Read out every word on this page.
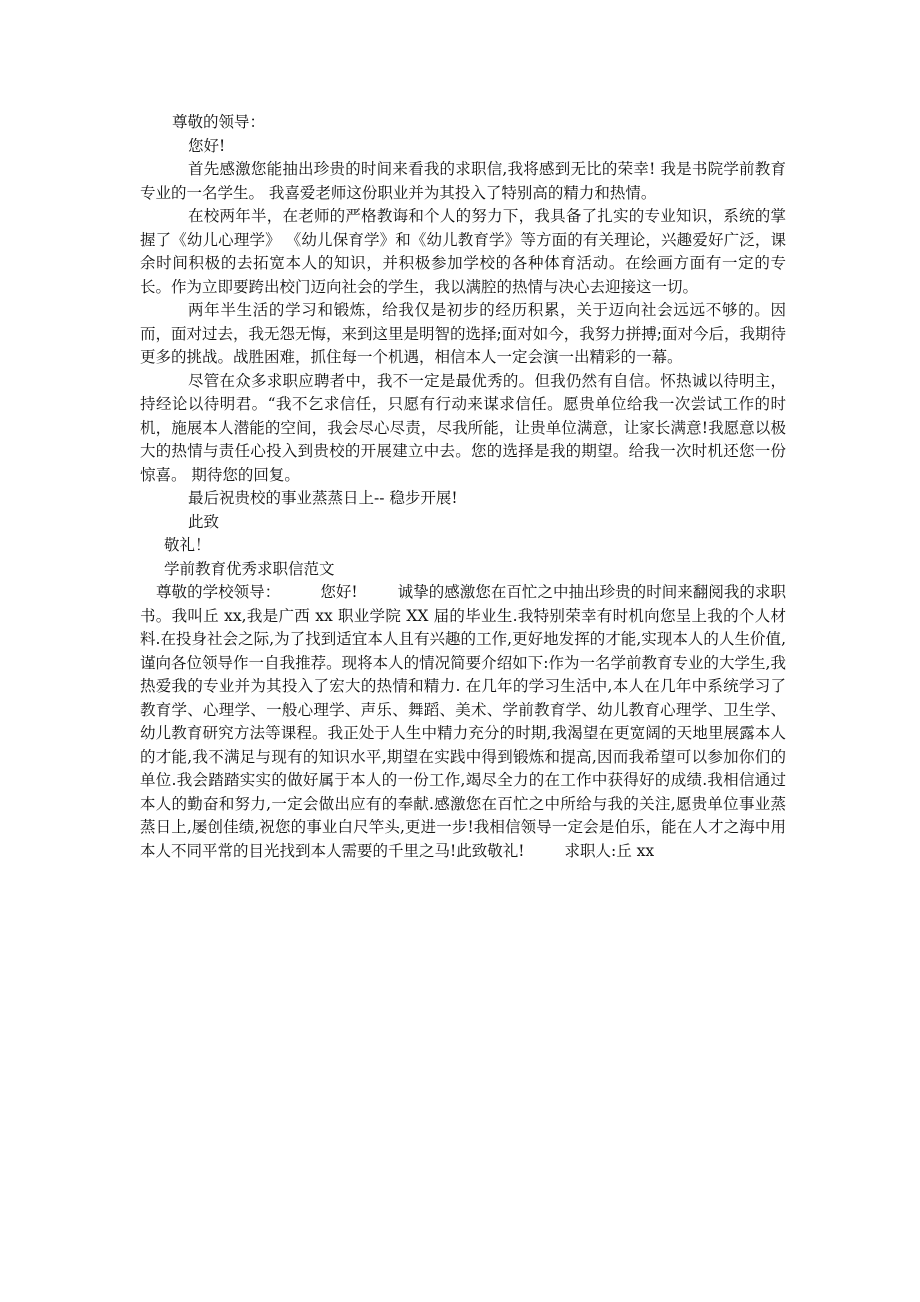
尊敬的领导：

您好!

首先感激您能抽出珍贵的时间来看我的求职信,我将感到无比的荣幸! 我是书院学前教育专业的一名学生。 我喜爱老师这份职业并为其投入了特别高的精力和热情。

在校两年半，在老师的严格教诲和个人的努力下，我具备了扎实的专业知识，系统的掌握了《幼儿心理学》 《幼儿保育学》和《幼儿教育学》等方面的有关理论，兴趣爱好广泛，课余时间积极的去拓宽本人的知识，并积极参加学校的各种体育活动。在绘画方面有一定的专长。作为立即要跨出校门迈向社会的学生，我以满腔的热情与决心去迎接这一切。

两年半生活的学习和锻炼，给我仅是初步的经历积累，关于迈向社会远远不够的。因而，面对过去，我无怨无悔，来到这里是明智的选择;面对如今，我努力拼搏;面对今后，我期待更多的挑战。战胜困难，抓住每一个机遇，相信本人一定会演一出精彩的一幕。

尽管在众多求职应聘者中，我不一定是最优秀的。但我仍然有自信。怀热诚以待明主，持经论以待明君。“我不乞求信任，只愿有行动来谋求信任。愿贵单位给我一次尝试工作的时机，施展本人潜能的空间，我会尽心尽责，尽我所能，让贵单位满意，让家长满意!我愿意以极大的热情与责任心投入到贵校的开展建立中去。您的选择是我的期望。给我一次时机还您一份惊喜。 期待您的回复。

最后祝贵校的事业蒸蒸日上-- 稳步开展!

此致

敬礼！

学前教育优秀求职信范文

尊敬的学校领导：	您好!	诚挚的感激您在百忙之中抽出珍贵的时间来翻阅我的求职书。我叫丘 xx,我是广西 xx 职业学院 XX 届的毕业生.我特别荣幸有时机向您呈上我的个人材料.在投身社会之际,为了找到适宜本人且有兴趣的工作,更好地发挥的才能,实现本人的人生价值,谨向各位领导作一自我推荐。现将本人的情况简要介绍如下:作为一名学前教育专业的大学生,我热爱我的专业并为其投入了宏大的热情和精力. 在几年的学习生活中,本人在几年中系统学习了教育学、心理学、一般心理学、声乐、舞蹈、美术、学前教育学、幼儿教育心理学、卫生学、幼儿教育研究方法等课程。我正处于人生中精力充分的时期,我渴望在更宽阔的天地里展露本人的才能,我不满足与现有的知识水平,期望在实践中得到锻炼和提高,因而我希望可以参加你们的单位.我会踏踏实实的做好属于本人的一份工作,竭尽全力的在工作中获得好的成绩.我相信通过本人的勤奋和努力,一定会做出应有的奉献.感激您在百忙之中所给与我的关注,愿贵单位事业蒸蒸日上,屡创佳绩,祝您的事业白尺竿头,更进一步!我相信领导一定会是伯乐，能在人才之海中用本人不同平常的目光找到本人需要的千里之马!此致敬礼!	求职人:丘 xx
